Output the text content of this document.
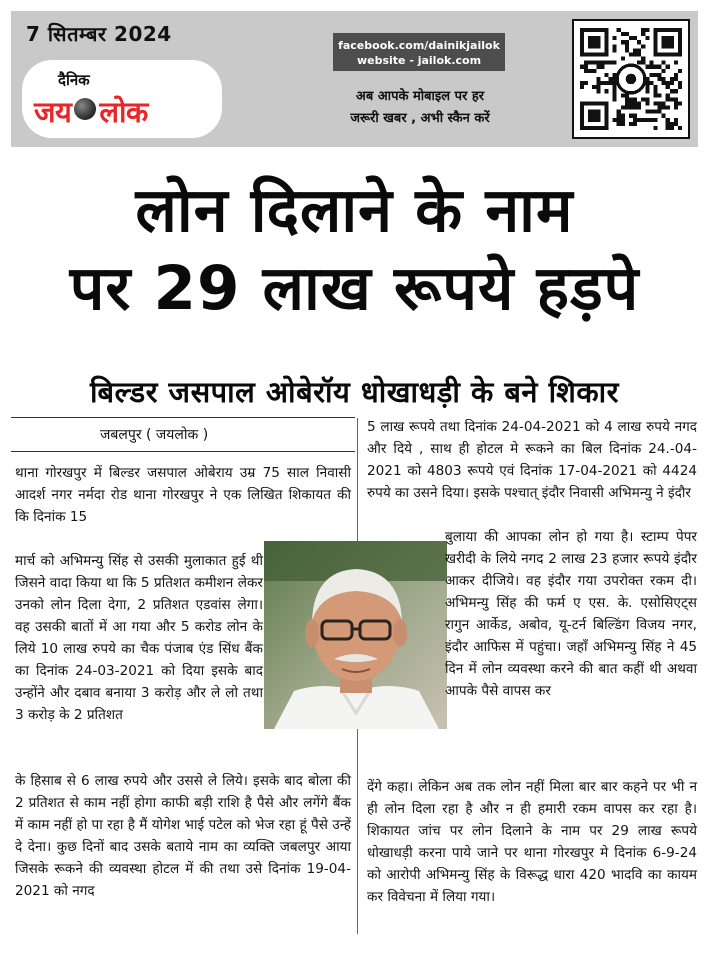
7 सितम्बर 2024
दैनिक
जय लोक
facebook.com/dainikjailok
website - jailok.com
अब आपके मोबाइल पर हर
जरूरी खबर , अभी स्कैन करें
लोन दिलाने के नाम
पर 29 लाख रूपये हड़पे
बिल्डर जसपाल ओबेरॉय धोखाधड़ी के बने शिकार
जबलपुर ( जयलोक )
थाना गोरखपुर में बिल्डर जसपाल ओबेराय उम्र 75 साल निवासी आदर्श नगर नर्मदा रोड थाना गोरखपुर ने एक लिखित शिकायत की कि दिनांक 15
मार्च को अभिमन्यु सिंह से उसकी मुलाकात हुई थी जिसने वादा किया था कि 5 प्रतिशत कमीशन लेकर उनको लोन दिला देगा, 2 प्रतिशत एडवांस लेगा। वह उसकी बातों में आ गया और 5 करोड लोन के लिये 10 लाख रुपये का चैक पंजाब एंड सिंध बैंक का दिनांक 24-03-2021 को दिया इसके बाद उन्होंने और दबाव बनाया 3 करोड़ और ले लो तथा 3 करोड़ के 2 प्रतिशत
के हिसाब से 6 लाख रुपये और उससे ले लिये। इसके बाद बोला की 2 प्रतिशत से काम नहीं होगा काफी बड़ी राशि है पैसे और लगेंगे बैंक में काम नहीं हो पा रहा है मैं योगेश भाई पटेल को भेज रहा हूं पैसे उन्हें दे देना। कुछ दिनों बाद उसके बताये नाम का व्यक्ति जबलपुर आया जिसके रूकने की व्यवस्था होटल में की तथा उसे दिनांक 19-04-2021 को नगद
5 लाख रूपये तथा दिनांक 24-04-2021 को 4 लाख रुपये नगद और दिये , साथ ही होटल मे रूकने का बिल दिनांक 24.-04-2021 को 4803 रूपये एवं दिनांक 17-04-2021 को 4424 रुपये का उसने दिया। इसके पश्चात् इंदौर निवासी अभिमन्यु ने इंदौर
बुलाया की आपका लोन हो गया है। स्टाम्प पेपर खरीदी के लिये नगद 2 लाख 23 हजार रूपये इंदौर आकर दीजिये। वह इंदौर गया उपरोक्त रकम दी। अभिमन्यु सिंह की फर्म ए एस. के. एसोसिएट्स रागुन आर्केड, अबोव, यू-टर्न बिल्डिंग विजय नगर, इंदौर आफिस में पहुंचा। जहाँ अभिमन्यु सिंह ने 45 दिन में लोन व्यवस्था करने की बात कहीं थी अथवा आपके पैसे वापस कर
देंगे कहा। लेकिन अब तक लोन नहीं मिला बार बार कहने पर भी न ही लोन दिला रहा है और न ही हमारी रकम वापस कर रहा है। शिकायत जांच पर लोन दिलाने के नाम पर 29 लाख रूपये धोखाधड़ी करना पाये जाने पर थाना गोरखपुर मे दिनांक 6-9-24 को आरोपी अभिमन्यु सिंह के विरूद्ध धारा 420 भादवि का कायम कर विवेचना में लिया गया।
